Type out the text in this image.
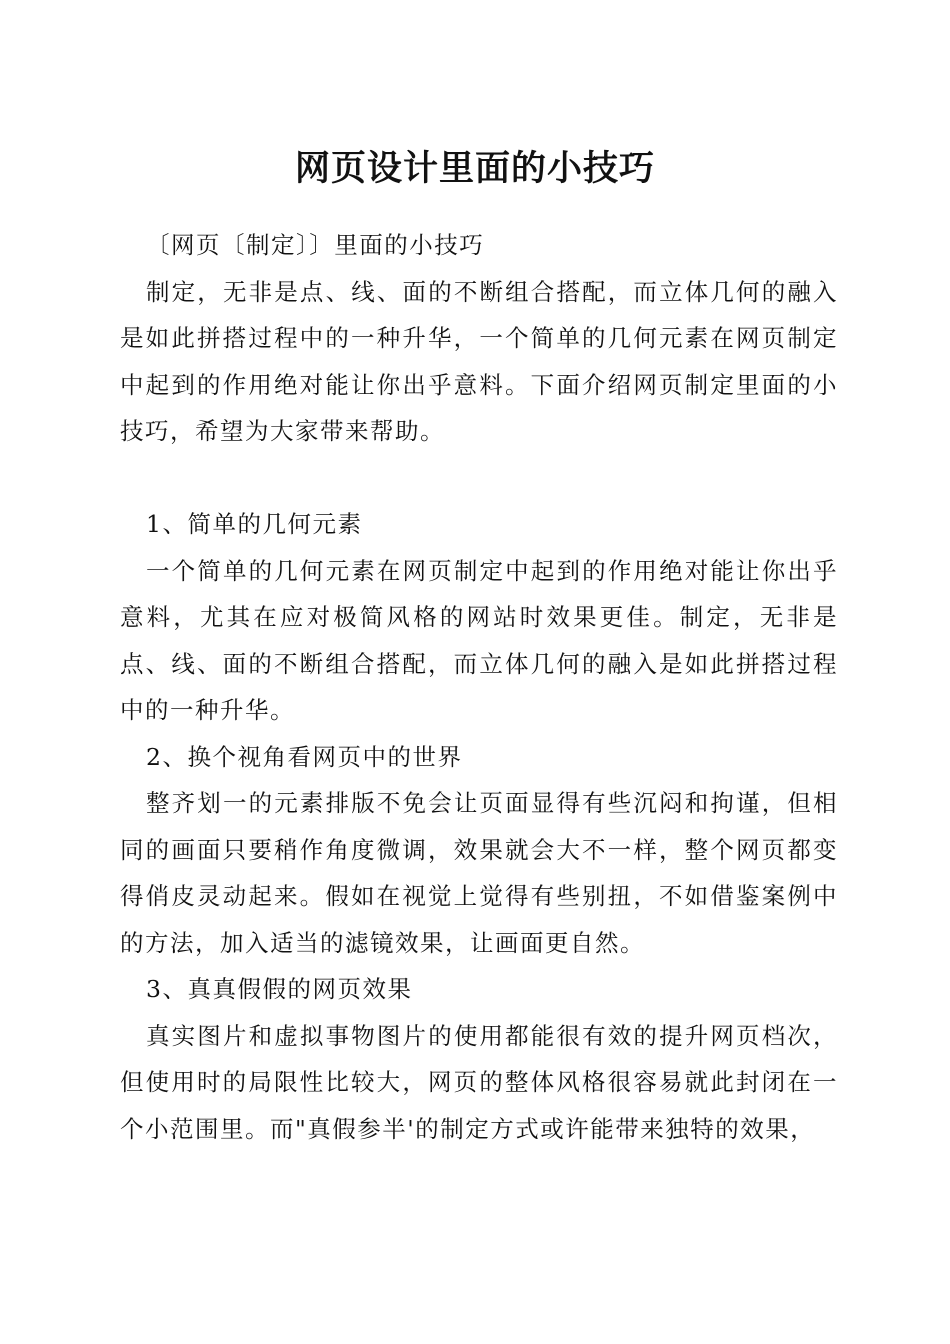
网页设计里面的小技巧

〔网页〔制定〕〕里面的小技巧

制定，无非是点、线、面的不断组合搭配，而立体几何的融入是如此拼搭过程中的一种升华，一个简单的几何元素在网页制定中起到的作用绝对能让你出乎意料。下面介绍网页制定里面的小技巧，希望为大家带来帮助。

1、简单的几何元素

一个简单的几何元素在网页制定中起到的作用绝对能让你出乎意料，尤其在应对极简风格的网站时效果更佳。制定，无非是点、线、面的不断组合搭配，而立体几何的融入是如此拼搭过程中的一种升华。

2、换个视角看网页中的世界

整齐划一的元素排版不免会让页面显得有些沉闷和拘谨，但相同的画面只要稍作角度微调，效果就会大不一样，整个网页都变得俏皮灵动起来。假如在视觉上觉得有些别扭，不如借鉴案例中的方法，加入适当的滤镜效果，让画面更自然。

3、真真假假的网页效果

真实图片和虚拟事物图片的使用都能很有效的提升网页档次，但使用时的局限性比较大，网页的整体风格很容易就此封闭在一个小范围里。而"真假参半'的制定方式或许能带来独特的效果，
